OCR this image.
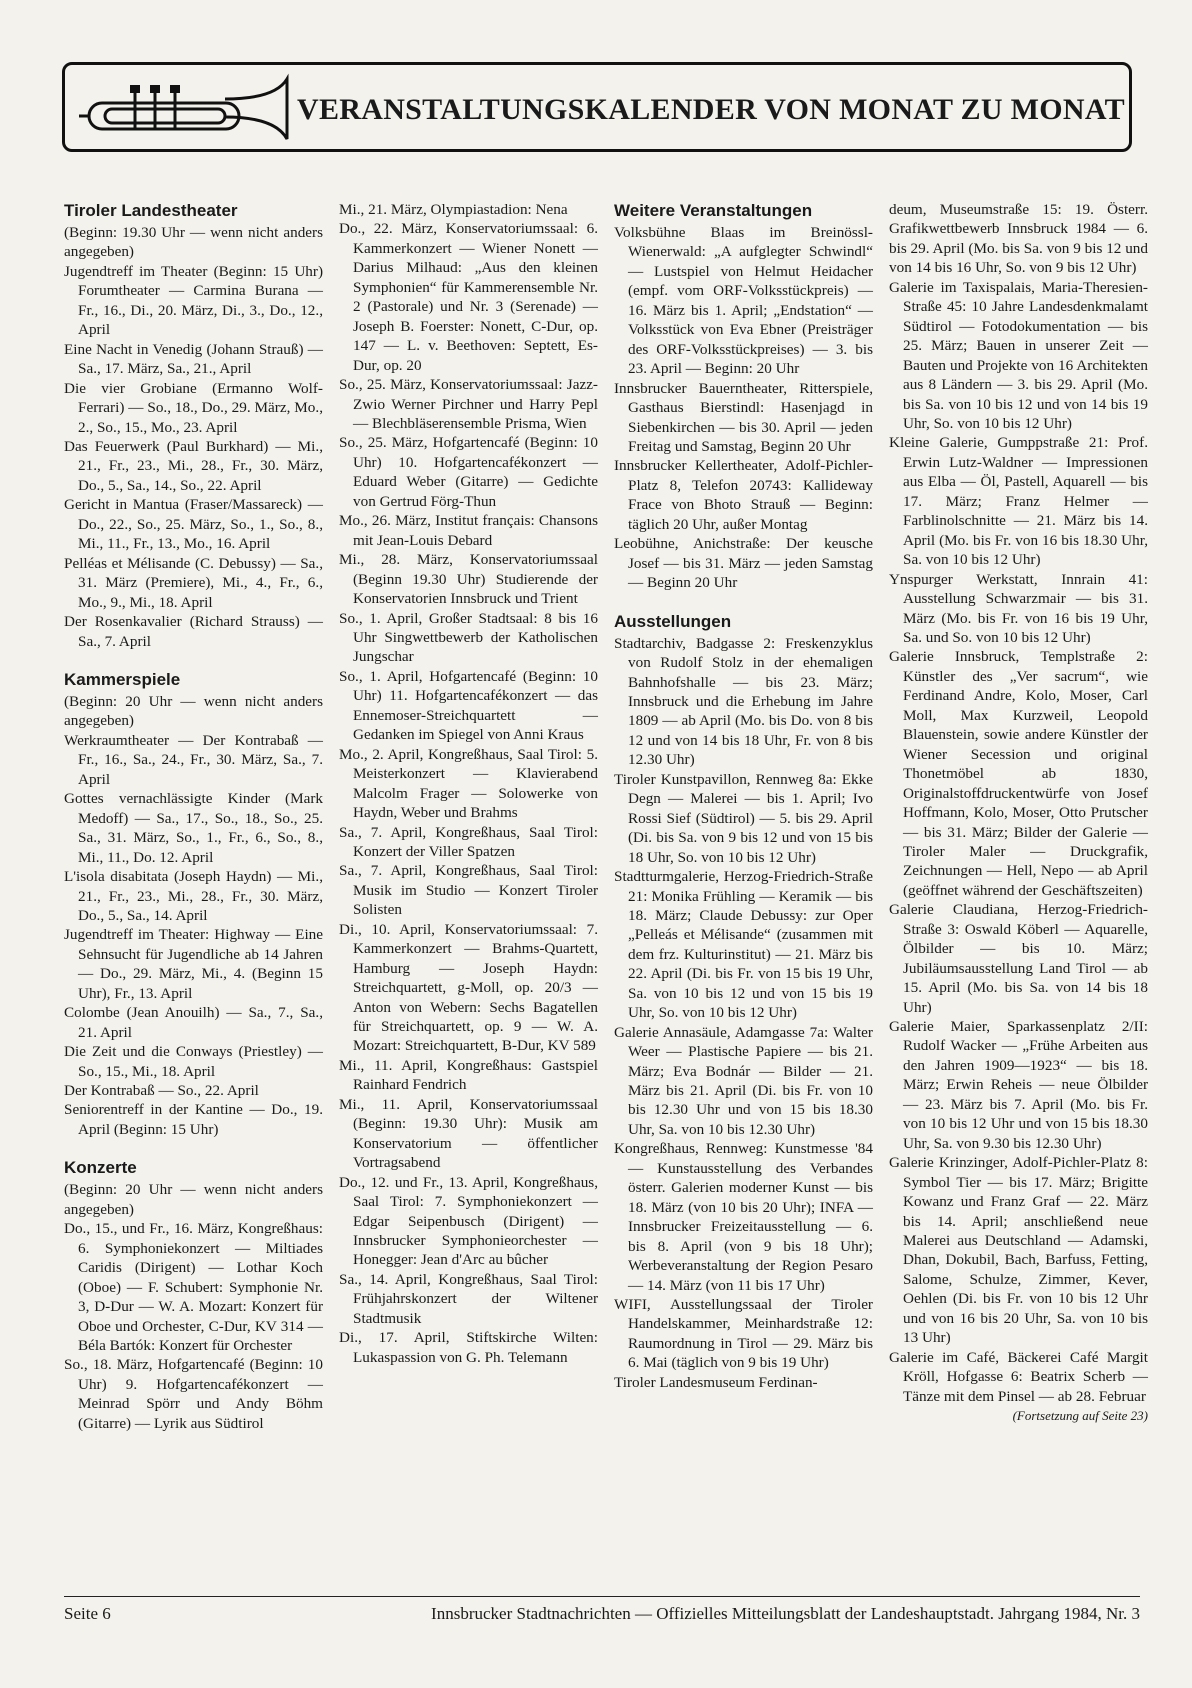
VERANSTALTUNGSKALENDER VON MONAT ZU MONAT
Tiroler Landestheater
(Beginn: 19.30 Uhr — wenn nicht anders angegeben)
Jugendtreff im Theater (Beginn: 15 Uhr) Forumtheater — Carmina Burana — Fr., 16., Di., 20. März, Di., 3., Do., 12., April
Eine Nacht in Venedig (Johann Strauß) — Sa., 17. März, Sa., 21., April
Die vier Grobiane (Ermanno Wolf-Ferrari) — So., 18., Do., 29. März, Mo., 2., So., 15., Mo., 23. April
Das Feuerwerk (Paul Burkhard) — Mi., 21., Fr., 23., Mi., 28., Fr., 30. März, Do., 5., Sa., 14., So., 22. April
Gericht in Mantua (Fraser/Massareck) — Do., 22., So., 25. März, So., 1., So., 8., Mi., 11., Fr., 13., Mo., 16. April
Pelléas et Mélisande (C. Debussy) — Sa., 31. März (Premiere), Mi., 4., Fr., 6., Mo., 9., Mi., 18. April
Der Rosenkavalier (Richard Strauss) — Sa., 7. April
Kammerspiele
(Beginn: 20 Uhr — wenn nicht anders angegeben)
Werkraumtheater — Der Kontrabaß — Fr., 16., Sa., 24., Fr., 30. März, Sa., 7. April
Gottes vernachlässigte Kinder (Mark Medoff) — Sa., 17., So., 18., So., 25. Sa., 31. März, So., 1., Fr., 6., So., 8., Mi., 11., Do. 12. April
L'isola disabitata (Joseph Haydn) — Mi., 21., Fr., 23., Mi., 28., Fr., 30. März, Do., 5., Sa., 14. April
Jugendtreff im Theater: Highway — Eine Sehnsucht für Jugendliche ab 14 Jahren — Do., 29. März, Mi., 4. (Beginn 15 Uhr), Fr., 13. April
Colombe (Jean Anouilh) — Sa., 7., Sa., 21. April
Die Zeit und die Conways (Priestley) — So., 15., Mi., 18. April
Der Kontrabaß — So., 22. April
Seniorentreff in der Kantine — Do., 19. April (Beginn: 15 Uhr)
Konzerte
(Beginn: 20 Uhr — wenn nicht anders angegeben)
Do., 15., und Fr., 16. März, Kongreßhaus: 6. Symphoniekonzert — Miltiades Caridis (Dirigent) — Lothar Koch (Oboe) — F. Schubert: Symphonie Nr. 3, D-Dur — W. A. Mozart: Konzert für Oboe und Orchester, C-Dur, KV 314 — Béla Bartók: Konzert für Orchester
So., 18. März, Hofgartencafé (Beginn: 10 Uhr) 9. Hofgartencafékonzert — Meinrad Spörr und Andy Böhm (Gitarre) — Lyrik aus Südtirol
Mi., 21. März, Olympiastadion: Nena
Do., 22. März, Konservatoriumssaal: 6. Kammerkonzert — Wiener Nonett — Darius Milhaud: „Aus den kleinen Symphonien“ für Kammerensemble Nr. 2 (Pastorale) und Nr. 3 (Serenade) — Joseph B. Foerster: Nonett, C-Dur, op. 147 — L. v. Beethoven: Septett, Es-Dur, op. 20
So., 25. März, Konservatoriumssaal: Jazz-Zwio Werner Pirchner und Harry Pepl — Blechbläserensemble Prisma, Wien
So., 25. März, Hofgartencafé (Beginn: 10 Uhr) 10. Hofgartencafékonzert — Eduard Weber (Gitarre) — Gedichte von Gertrud Förg-Thun
Mo., 26. März, Institut français: Chansons mit Jean-Louis Debard
Mi., 28. März, Konservatoriumssaal (Beginn 19.30 Uhr) Studierende der Konservatorien Innsbruck und Trient
So., 1. April, Großer Stadtsaal: 8 bis 16 Uhr Singwettbewerb der Katholischen Jungschar
So., 1. April, Hofgartencafé (Beginn: 10 Uhr) 11. Hofgartencafékonzert — das Ennemoser-Streichquartett — Gedanken im Spiegel von Anni Kraus
Mo., 2. April, Kongreßhaus, Saal Tirol: 5. Meisterkonzert — Klavierabend Malcolm Frager — Solowerke von Haydn, Weber und Brahms
Sa., 7. April, Kongreßhaus, Saal Tirol: Konzert der Viller Spatzen
Sa., 7. April, Kongreßhaus, Saal Tirol: Musik im Studio — Konzert Tiroler Solisten
Di., 10. April, Konservatoriumssaal: 7. Kammerkonzert — Brahms-Quartett, Hamburg — Joseph Haydn: Streichquartett, g-Moll, op. 20/3 — Anton von Webern: Sechs Bagatellen für Streichquartett, op. 9 — W. A. Mozart: Streichquartett, B-Dur, KV 589
Mi., 11. April, Kongreßhaus: Gastspiel Rainhard Fendrich
Mi., 11. April, Konservatoriumssaal (Beginn: 19.30 Uhr): Musik am Konservatorium — öffentlicher Vortragsabend
Do., 12. und Fr., 13. April, Kongreßhaus, Saal Tirol: 7. Symphoniekonzert — Edgar Seipenbusch (Dirigent) — Innsbrucker Symphonieorchester — Honegger: Jean d'Arc au bûcher
Sa., 14. April, Kongreßhaus, Saal Tirol: Frühjahrskonzert der Wiltener Stadtmusik
Di., 17. April, Stiftskirche Wilten: Lukaspassion von G. Ph. Telemann
Weitere Veranstaltungen
Volksbühne Blaas im Breinössl-Wienerwald: „A aufglegter Schwindl“ — Lustspiel von Helmut Heidacher (empf. vom ORF-Volksstückpreis) — 16. März bis 1. April; „Endstation“ — Volksstück von Eva Ebner (Preisträger des ORF-Volksstückpreises) — 3. bis 23. April — Beginn: 20 Uhr
Innsbrucker Bauerntheater, Ritterspiele, Gasthaus Bierstindl: Hasenjagd in Siebenkirchen — bis 30. April — jeden Freitag und Samstag, Beginn 20 Uhr
Innsbrucker Kellertheater, Adolf-Pichler-Platz 8, Telefon 20743: Kallideway Frace von Bhoto Strauß — Beginn: täglich 20 Uhr, außer Montag
Leobühne, Anichstraße: Der keusche Josef — bis 31. März — jeden Samstag — Beginn 20 Uhr
Ausstellungen
Stadtarchiv, Badgasse 2: Freskenzyklus von Rudolf Stolz in der ehemaligen Bahnhofshalle — bis 23. März; Innsbruck und die Erhebung im Jahre 1809 — ab April (Mo. bis Do. von 8 bis 12 und von 14 bis 18 Uhr, Fr. von 8 bis 12.30 Uhr)
Tiroler Kunstpavillon, Rennweg 8a: Ekke Degn — Malerei — bis 1. April; Ivo Rossi Sief (Südtirol) — 5. bis 29. April (Di. bis Sa. von 9 bis 12 und von 15 bis 18 Uhr, So. von 10 bis 12 Uhr)
Stadtturmgalerie, Herzog-Friedrich-Straße 21: Monika Frühling — Keramik — bis 18. März; Claude Debussy: zur Oper „Pelleás et Mélisande“ (zusammen mit dem frz. Kulturinstitut) — 21. März bis 22. April (Di. bis Fr. von 15 bis 19 Uhr, Sa. von 10 bis 12 und von 15 bis 19 Uhr, So. von 10 bis 12 Uhr)
Galerie Annasäule, Adamgasse 7a: Walter Weer — Plastische Papiere — bis 21. März; Eva Bodnár — Bilder — 21. März bis 21. April (Di. bis Fr. von 10 bis 12.30 Uhr und von 15 bis 18.30 Uhr, Sa. von 10 bis 12.30 Uhr)
Kongreßhaus, Rennweg: Kunstmesse '84 — Kunstausstellung des Verbandes österr. Galerien moderner Kunst — bis 18. März (von 10 bis 20 Uhr); INFA — Innsbrucker Freizeitausstellung — 6. bis 8. April (von 9 bis 18 Uhr); Werbeveranstaltung der Region Pesaro — 14. März (von 11 bis 17 Uhr)
WIFI, Ausstellungssaal der Tiroler Handelskammer, Meinhardstraße 12: Raumordnung in Tirol — 29. März bis 6. Mai (täglich von 9 bis 19 Uhr)
Tiroler Landesmuseum Ferdinan-
deum, Museumstraße 15: 19. Österr. Grafikwettbewerb Innsbruck 1984 — 6. bis 29. April (Mo. bis Sa. von 9 bis 12 und von 14 bis 16 Uhr, So. von 9 bis 12 Uhr)
Galerie im Taxispalais, Maria-Theresien-Straße 45: 10 Jahre Landesdenkmalamt Südtirol — Fotodokumentation — bis 25. März; Bauen in unserer Zeit — Bauten und Projekte von 16 Architekten aus 8 Ländern — 3. bis 29. April (Mo. bis Sa. von 10 bis 12 und von 14 bis 19 Uhr, So. von 10 bis 12 Uhr)
Kleine Galerie, Gumppstraße 21: Prof. Erwin Lutz-Waldner — Impressionen aus Elba — Öl, Pastell, Aquarell — bis 17. März; Franz Helmer — Farblinolschnitte — 21. März bis 14. April (Mo. bis Fr. von 16 bis 18.30 Uhr, Sa. von 10 bis 12 Uhr)
Ynspurger Werkstatt, Innrain 41: Ausstellung Schwarzmair — bis 31. März (Mo. bis Fr. von 16 bis 19 Uhr, Sa. und So. von 10 bis 12 Uhr)
Galerie Innsbruck, Templstraße 2: Künstler des „Ver sacrum“, wie Ferdinand Andre, Kolo, Moser, Carl Moll, Max Kurzweil, Leopold Blauenstein, sowie andere Künstler der Wiener Secession und original Thonetmöbel ab 1830, Originalstoffdruckentwürfe von Josef Hoffmann, Kolo, Moser, Otto Prutscher — bis 31. März; Bilder der Galerie — Tiroler Maler — Druckgrafik, Zeichnungen — Hell, Nepo — ab April (geöffnet während der Geschäftszeiten)
Galerie Claudiana, Herzog-Friedrich-Straße 3: Oswald Köberl — Aquarelle, Ölbilder — bis 10. März; Jubiläumsausstellung Land Tirol — ab 15. April (Mo. bis Sa. von 14 bis 18 Uhr)
Galerie Maier, Sparkassenplatz 2/II: Rudolf Wacker — „Frühe Arbeiten aus den Jahren 1909—1923“ — bis 18. März; Erwin Reheis — neue Ölbilder — 23. März bis 7. April (Mo. bis Fr. von 10 bis 12 Uhr und von 15 bis 18.30 Uhr, Sa. von 9.30 bis 12.30 Uhr)
Galerie Krinzinger, Adolf-Pichler-Platz 8: Symbol Tier — bis 17. März; Brigitte Kowanz und Franz Graf — 22. März bis 14. April; anschließend neue Malerei aus Deutschland — Adamski, Dhan, Dokubil, Bach, Barfuss, Fetting, Salome, Schulze, Zimmer, Kever, Oehlen (Di. bis Fr. von 10 bis 12 Uhr und von 16 bis 20 Uhr, Sa. von 10 bis 13 Uhr)
Galerie im Café, Bäckerei Café Margit Kröll, Hofgasse 6: Beatrix Scherb — Tänze mit dem Pinsel — ab 28. Februar
(Fortsetzung auf Seite 23)
Seite 6	Innsbrucker Stadtnachrichten — Offizielles Mitteilungsblatt der Landeshauptstadt. Jahrgang 1984, Nr. 3
